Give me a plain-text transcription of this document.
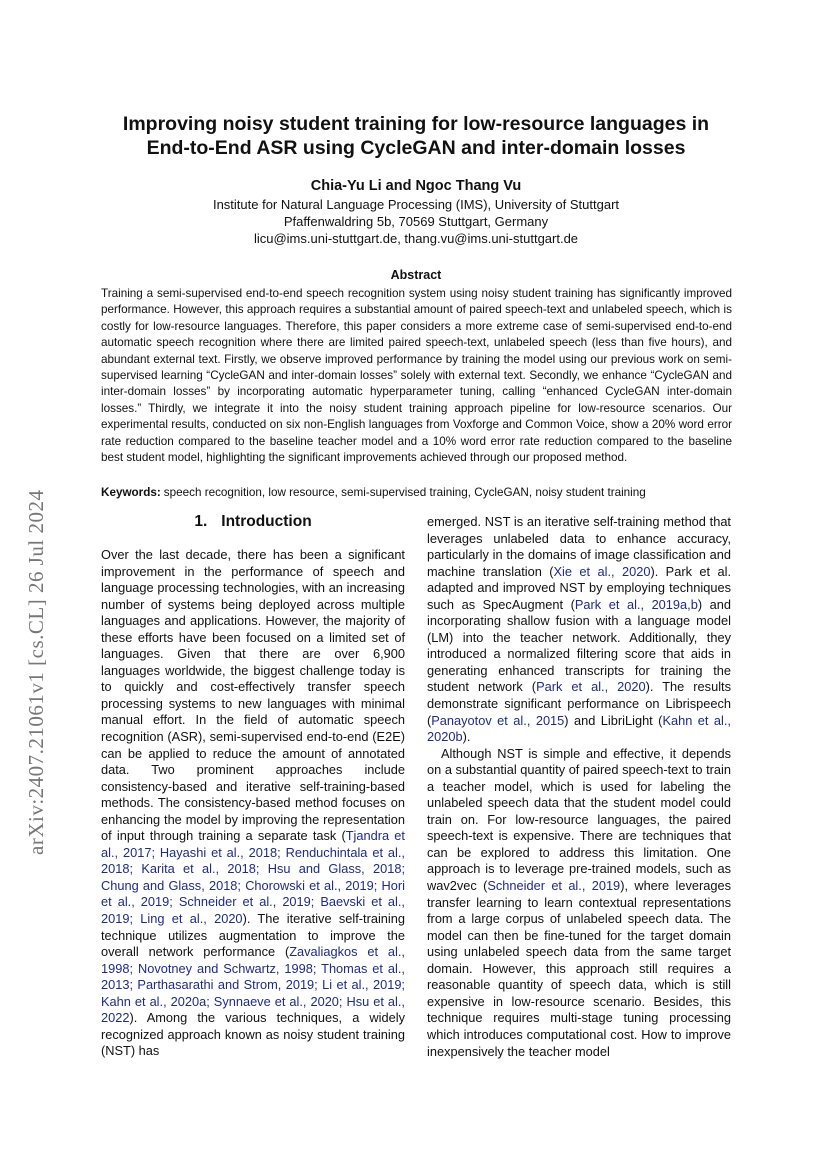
arXiv:2407.21061v1 [cs.CL] 26 Jul 2024
Improving noisy student training for low-resource languages in
End-to-End ASR using CycleGAN and inter-domain losses
Chia-Yu Li and Ngoc Thang Vu
Institute for Natural Language Processing (IMS), University of Stuttgart
Pfaffenwaldring 5b, 70569 Stuttgart, Germany
licu@ims.uni-stuttgart.de, thang.vu@ims.uni-stuttgart.de
Abstract
Training a semi-supervised end-to-end speech recognition system using noisy student training has significantly improved performance. However, this approach requires a substantial amount of paired speech-text and unlabeled speech, which is costly for low-resource languages. Therefore, this paper considers a more extreme case of semi-supervised end-to-end automatic speech recognition where there are limited paired speech-text, unlabeled speech (less than five hours), and abundant external text. Firstly, we observe improved performance by training the model using our previous work on semi-supervised learning “CycleGAN and inter-domain losses” solely with external text. Secondly, we enhance “CycleGAN and inter-domain losses” by incorporating automatic hyperparameter tuning, calling “enhanced CycleGAN inter-domain losses.” Thirdly, we integrate it into the noisy student training approach pipeline for low-resource scenarios. Our experimental results, conducted on six non-English languages from Voxforge and Common Voice, show a 20% word error rate reduction compared to the baseline teacher model and a 10% word error rate reduction compared to the baseline best student model, highlighting the significant improvements achieved through our proposed method.
Keywords: speech recognition, low resource, semi-supervised training, CycleGAN, noisy student training
1. Introduction

Over the last decade, there has been a significant improvement in the performance of speech and language processing technologies, with an increasing number of systems being deployed across multiple languages and applications. However, the majority of these efforts have been focused on a limited set of languages. Given that there are over 6,900 languages worldwide, the biggest challenge today is to quickly and cost-effectively transfer speech processing systems to new languages with minimal manual effort. In the field of automatic speech recognition (ASR), semi-supervised end-to-end (E2E) can be applied to reduce the amount of annotated data. Two prominent approaches include consistency-based and iterative self-training-based methods. The consistency-based method focuses on enhancing the model by improving the representation of input through training a separate task (Tjandra et al., 2017; Hayashi et al., 2018; Renduchintala et al., 2018; Karita et al., 2018; Hsu and Glass, 2018; Chung and Glass, 2018; Chorowski et al., 2019; Hori et al., 2019; Schneider et al., 2019; Baevski et al., 2019; Ling et al., 2020). The iterative self-training technique utilizes augmentation to improve the overall network performance (Zavaliagkos et al., 1998; Novotney and Schwartz, 1998; Thomas et al., 2013; Parthasarathi and Strom, 2019; Li et al., 2019; Kahn et al., 2020a; Synnaeve et al., 2020; Hsu et al., 2022). Among the various techniques, a widely recognized approach known as noisy student training (NST) has

emerged. NST is an iterative self-training method that leverages unlabeled data to enhance accuracy, particularly in the domains of image classification and machine translation (Xie et al., 2020). Park et al. adapted and improved NST by employing techniques such as SpecAugment (Park et al., 2019a,b) and incorporating shallow fusion with a language model (LM) into the teacher network. Additionally, they introduced a normalized filtering score that aids in generating enhanced transcripts for training the student network (Park et al., 2020). The results demonstrate significant performance on Librispeech (Panayotov et al., 2015) and LibriLight (Kahn et al., 2020b).

Although NST is simple and effective, it depends on a substantial quantity of paired speech-text to train a teacher model, which is used for labeling the unlabeled speech data that the student model could train on. For low-resource languages, the paired speech-text is expensive. There are techniques that can be explored to address this limitation. One approach is to leverage pre-trained models, such as wav2vec (Schneider et al., 2019), where leverages transfer learning to learn contextual representations from a large corpus of unlabeled speech data. The model can then be fine-tuned for the target domain using unlabeled speech data from the same target domain. However, this approach still requires a reasonable quantity of speech data, which is still expensive in low-resource scenario. Besides, this technique requires multi-stage tuning processing which introduces computational cost. How to improve inexpensively the teacher model
